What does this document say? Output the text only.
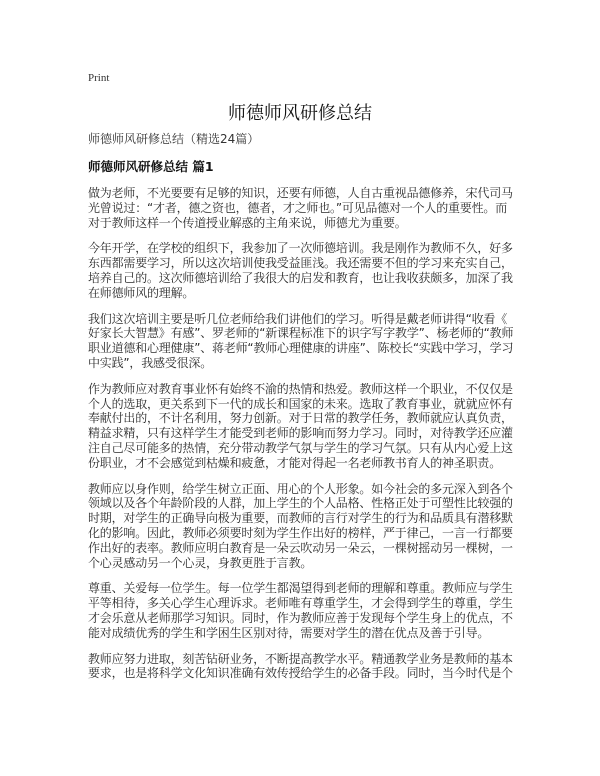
Print
师德师风研修总结
师德师风研修总结（精选24篇）
师德师风研修总结 篇1
做为老师，不光要要有足够的知识，还要有师德，人自古重视品德修养，宋代司马
光曾说过：“才者，德之资也，德者，才之师也。”可见品德对一个人的重要性。而
对于教师这样一个传道授业解惑的主角来说，师德尤为重要。
今年开学，在学校的组织下，我参加了一次师德培训。我是刚作为教师不久，好多
东西都需要学习，所以这次培训使我受益匪浅。我还需要不但的学习来充实自己，
培养自己的。这次师德培训给了我很大的启发和教育，也让我收获颇多，加深了我
在师德师风的理解。
我们这次培训主要是听几位老师给我们讲他们的学习。听得是戴老师讲得“收看《
好家长大智慧》有感”、罗老师的“新课程标准下的识字写字教学”、杨老师的“教师
职业道德和心理健康”、蒋老师“教师心理健康的讲座”、陈校长“实践中学习，学习
中实践”，我感受很深。
作为教师应对教育事业怀有始终不渝的热情和热爱。教师这样一个职业，不仅仅是
个人的选取，更关系到下一代的成长和国家的未来。选取了教育事业，就就应怀有
奉献付出的，不计名利用，努力创新。对于日常的教学任务，教师就应认真负责，
精益求精，只有这样学生才能受到老师的影响而努力学习。同时，对待教学还应灌
注自己尽可能多的热情，充分带动教学气氛与学生的学习气氛。只有从内心爱上这
份职业，才不会感觉到枯燥和疲惫，才能对得起一名老师教书育人的神圣职责。
教师应以身作则，给学生树立正面、用心的个人形象。如今社会的多元深入到各个
领域以及各个年龄阶段的人群，加上学生的个人品格、性格正处于可塑性比较强的
时期，对学生的正确导向极为重要，而教师的言行对学生的行为和品质具有潜移默
化的影响。因此，教师必须要时刻为学生作出好的榜样，严于律己，一言一行都要
作出好的表率。教师应明白教育是一朵云吹动另一朵云，一棵树摇动另一棵树，一
个心灵感动另一个心灵，身教更胜于言教。
尊重、关爱每一位学生。每一位学生都渴望得到老师的理解和尊重。教师应与学生
平等相待，多关心学生心理诉求。老师唯有尊重学生，才会得到学生的尊重，学生
才会乐意从老师那学习知识。同时，作为教师应善于发现每个学生身上的优点，不
能对成绩优秀的学生和学困生区别对待，需要对学生的潜在优点及善于引导。
教师应努力进取，刻苦钻研业务，不断提高教学水平。精通教学业务是教师的基本
要求，也是将科学文化知识准确有效传授给学生的必备手段。同时，当今时代是个
